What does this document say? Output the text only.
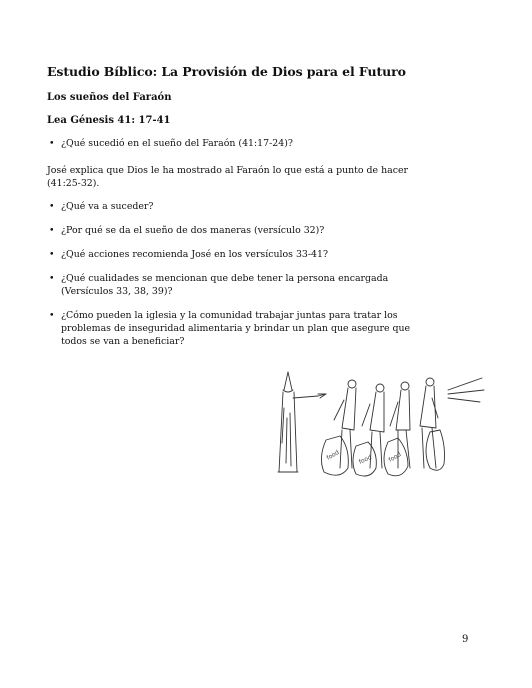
Estudio Bíblico: La Provisión de Dios para el Futuro
Los sueños del Faraón
Lea Génesis 41: 17-41
• ¿Qué sucedió en el sueño del Faraón (41:17-24)?
José explica que Dios le ha mostrado al Faraón lo que está a punto de hacer
(41:25-32).
• ¿Qué va a suceder?
• ¿Por qué se da el sueño de dos maneras (versículo 32)?
• ¿Qué acciones recomienda José en los versículos 33-41?
• ¿Qué cualidades se mencionan que debe tener la persona encargada
(Versículos 33, 38, 39)?
• ¿Cómo pueden la iglesia y la comunidad trabajar juntas para tratar los
problemas de inseguridad alimentaria y brindar un plan que asegure que
todos se van a beneficiar?
food	food food
9
